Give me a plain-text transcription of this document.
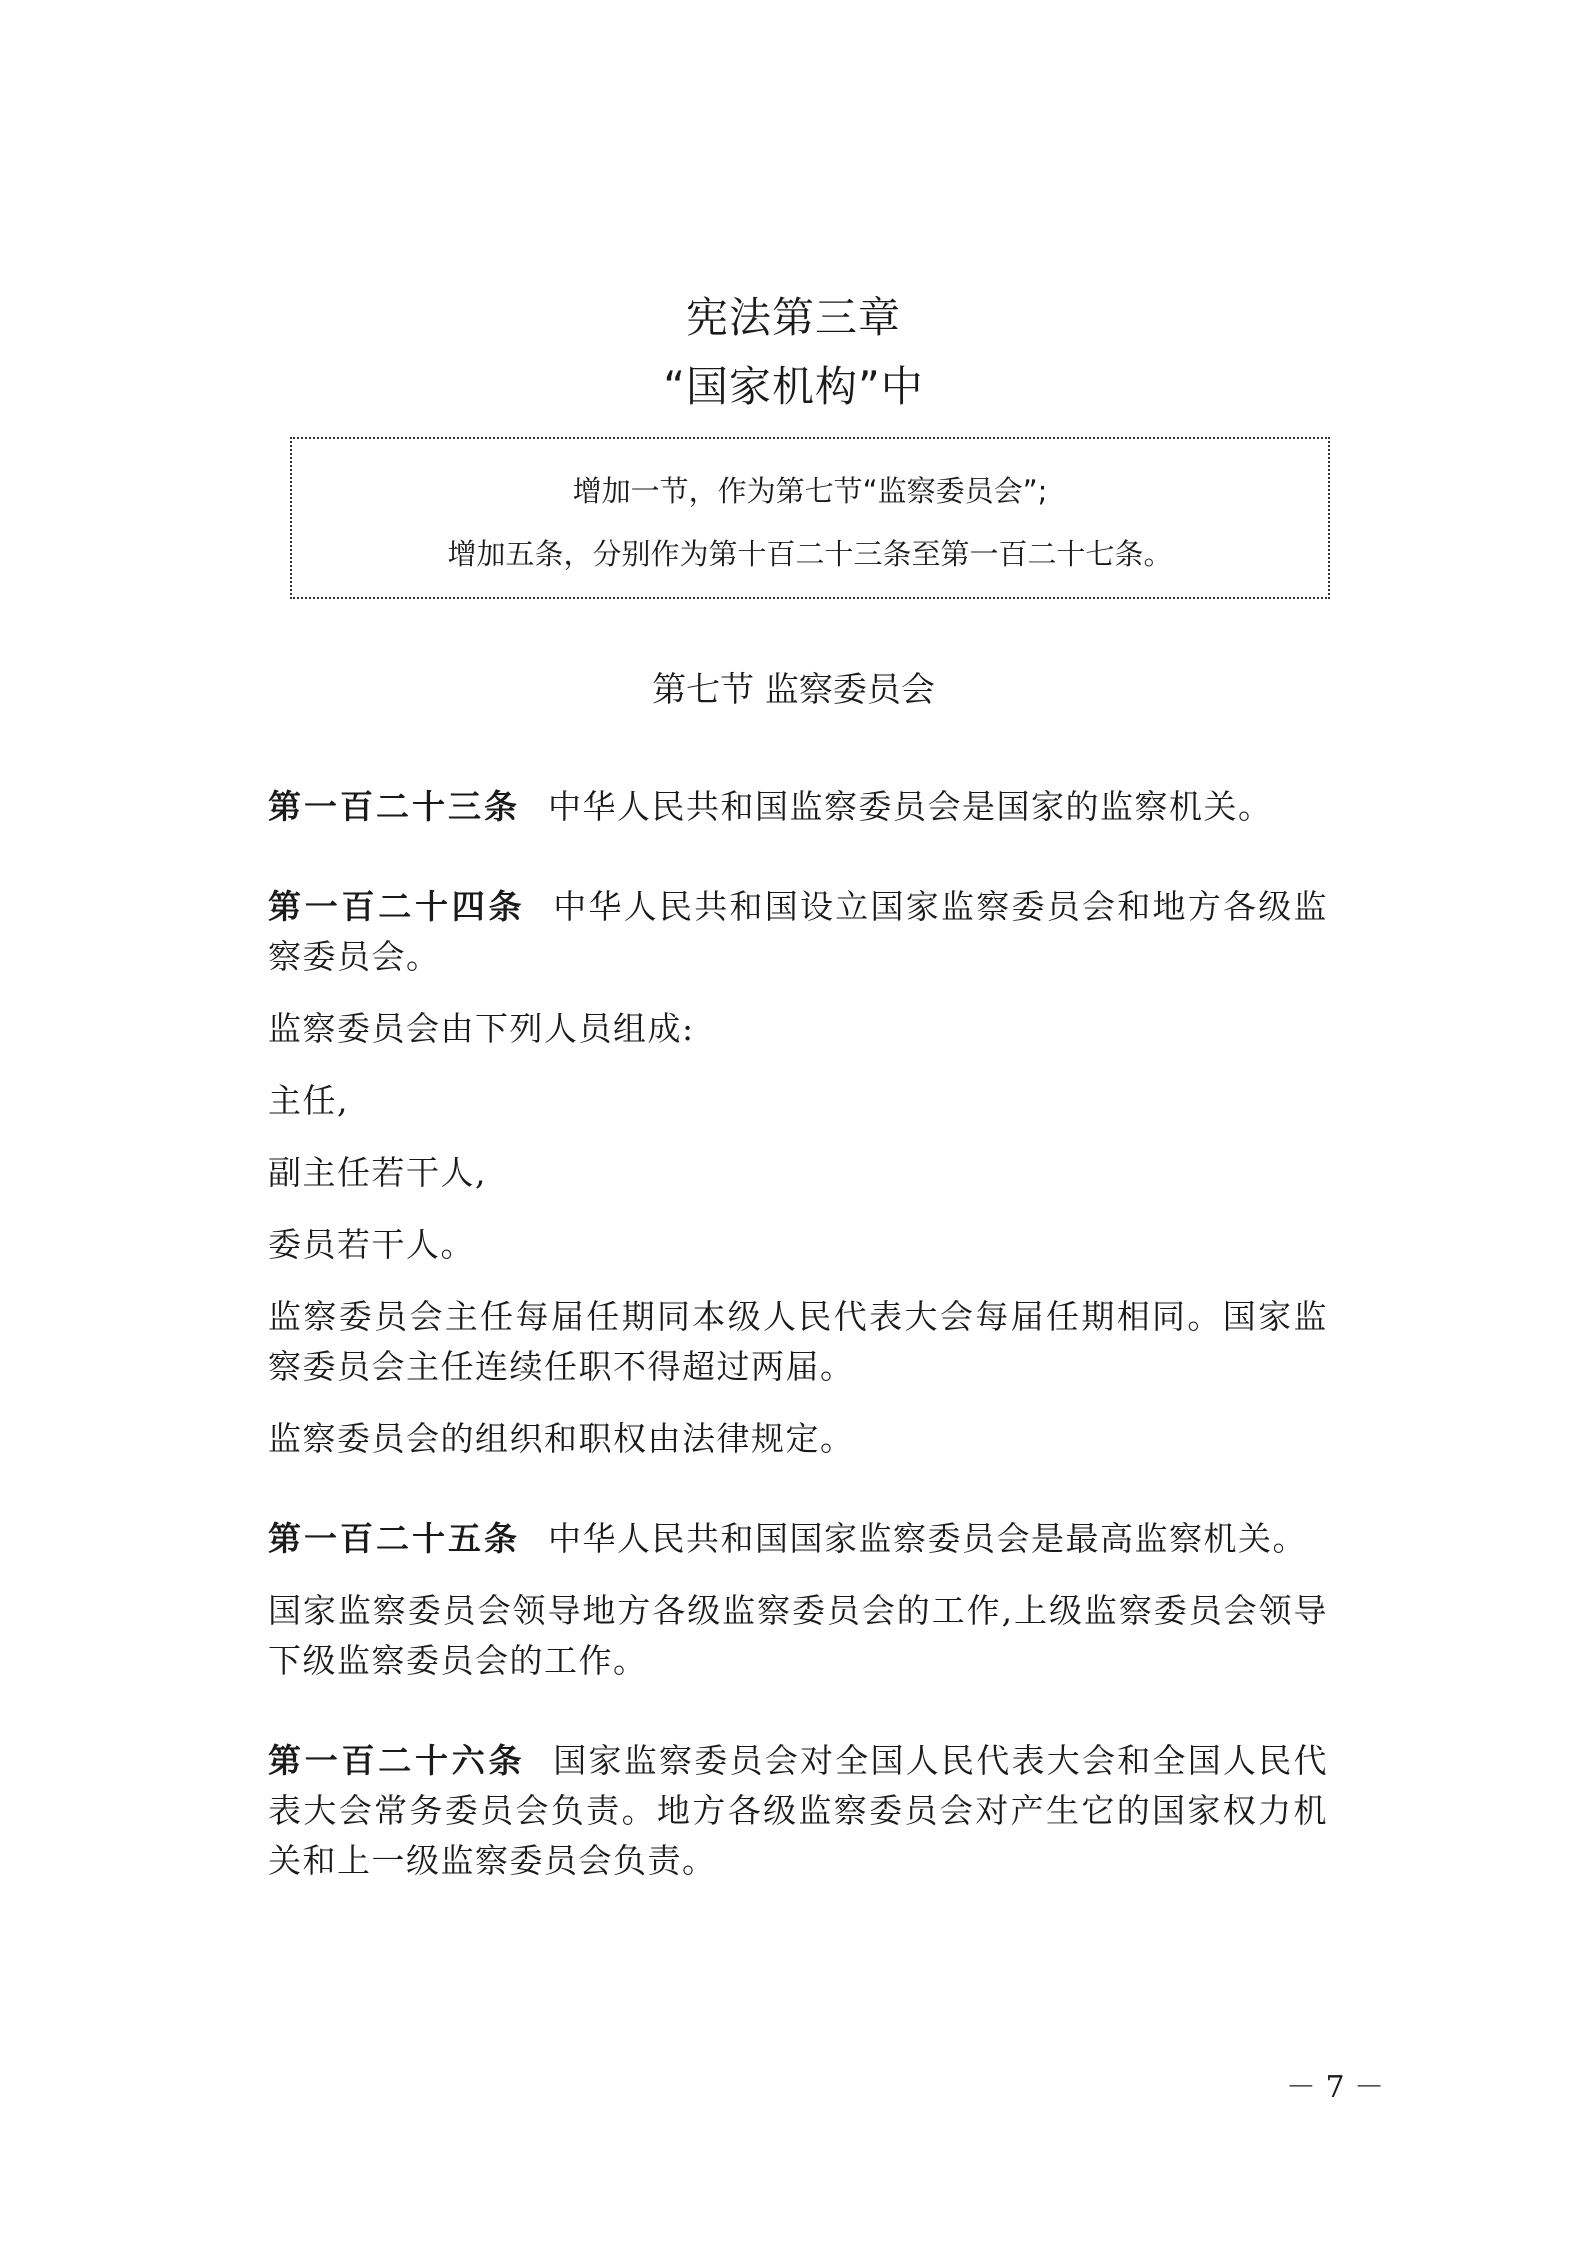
宪法第三章
“国家机构”中
增加一节，作为第七节“监察委员会”;
增加五条，分别作为第十百二十三条至第一百二十七条。
第七节 监察委员会

第一百二十三条 中华人民共和国监察委员会是国家的监察机关。

第一百二十四条 中华人民共和国设立国家监察委员会和地方各级监察委员会。

监察委员会由下列人员组成:

主任,

副主任若干人,

委员若干人。

监察委员会主任每届任期同本级人民代表大会每届任期相同。国家监察委员会主任连续任职不得超过两届。

监察委员会的组织和职权由法律规定。

第一百二十五条 中华人民共和国国家监察委员会是最高监察机关。

国家监察委员会领导地方各级监察委员会的工作,上级监察委员会领导下级监察委员会的工作。

第一百二十六条 国家监察委员会对全国人民代表大会和全国人民代表大会常务委员会负责。地方各级监察委员会对产生它的国家权力机关和上一级监察委员会负责。

－ 7 －
